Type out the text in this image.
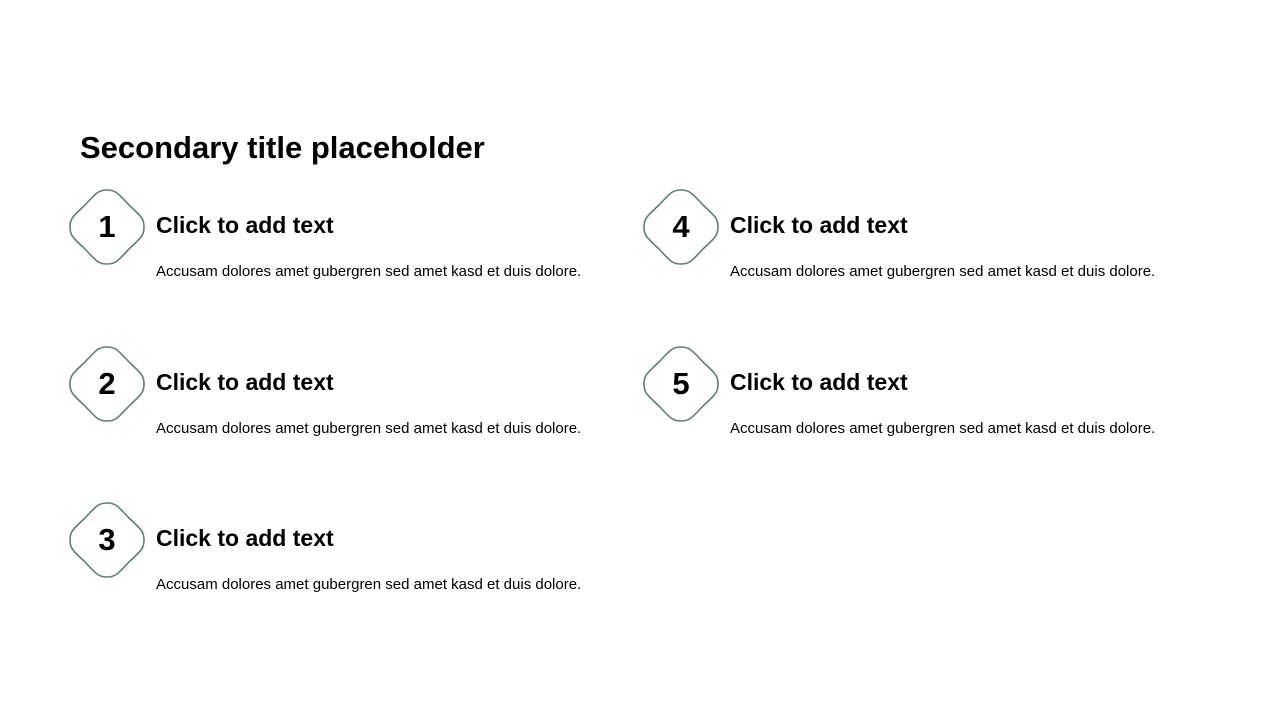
Secondary title placeholder
1	Click to add text

Accusam dolores amet gubergren sed amet kasd et duis dolore.

2	Click to add text

Accusam dolores amet gubergren sed amet kasd et duis dolore.

3	Click to add text

Accusam dolores amet gubergren sed amet kasd et duis dolore.

4	Click to add text

Accusam dolores amet gubergren sed amet kasd et duis dolore.

5	Click to add text

Accusam dolores amet gubergren sed amet kasd et duis dolore.
